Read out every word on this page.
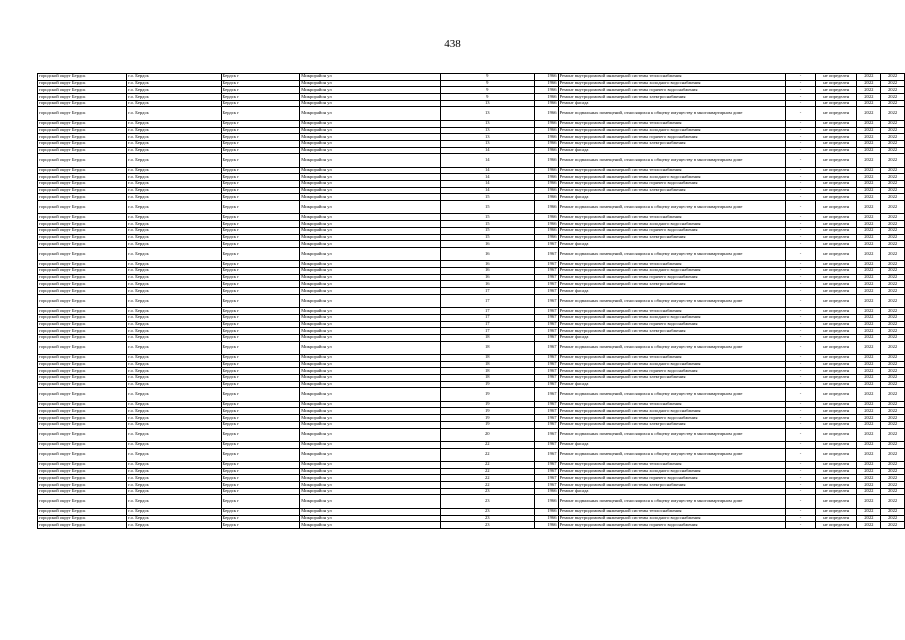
438
городской округ Бердск	г.о. Бердск	Бердск г	Микрорайон ул	9	1966	Ремонт внутридомовой инженерной системы теплоснабжения	-	не определен	2022	2022
городской округ Бердск	г.о. Бердск	Бердск г	Микрорайон ул	9	1966	Ремонт внутридомовой инженерной системы холодного водоснабжения	-	не определен	2022	2022
городской округ Бердск	г.о. Бердск	Бердск г	Микрорайон ул	9	1966	Ремонт внутридомовой инженерной системы горячего водоснабжения	-	не определен	2022	2022
городской округ Бердск	г.о. Бердск	Бердск г	Микрорайон ул	9	1966	Ремонт внутридомовой инженерной системы электроснабжения	-	не определен	2022	2022
городской округ Бердск	г.о. Бердск	Бердск г	Микрорайон ул	13	1966	Ремонт фасада	-	не определен	2022	2022
городской округ Бердск	г.о. Бердск	Бердск г	Микрорайон ул	13	1966	Ремонт подвальных помещений, относящихся к общему имуществу в многоквартирном доме	-	не определен	2022	2022
городской округ Бердск	г.о. Бердск	Бердск г	Микрорайон ул	13	1966	Ремонт внутридомовой инженерной системы теплоснабжения	-	не определен	2022	2022
городской округ Бердск	г.о. Бердск	Бердск г	Микрорайон ул	13	1966	Ремонт внутридомовой инженерной системы холодного водоснабжения	-	не определен	2022	2022
городской округ Бердск	г.о. Бердск	Бердск г	Микрорайон ул	13	1966	Ремонт внутридомовой инженерной системы горячего водоснабжения	-	не определен	2022	2022
городской округ Бердск	г.о. Бердск	Бердск г	Микрорайон ул	13	1966	Ремонт внутридомовой инженерной системы электроснабжения	-	не определен	2022	2022
городской округ Бердск	г.о. Бердск	Бердск г	Микрорайон ул	14	1966	Ремонт фасада	-	не определен	2022	2022
городской округ Бердск	г.о. Бердск	Бердск г	Микрорайон ул	14	1966	Ремонт подвальных помещений, относящихся к общему имуществу в многоквартирном доме	-	не определен	2022	2022
городской округ Бердск	г.о. Бердск	Бердск г	Микрорайон ул	14	1966	Ремонт внутридомовой инженерной системы теплоснабжения	-	не определен	2022	2022
городской округ Бердск	г.о. Бердск	Бердск г	Микрорайон ул	14	1966	Ремонт внутридомовой инженерной системы холодного водоснабжения	-	не определен	2022	2022
городской округ Бердск	г.о. Бердск	Бердск г	Микрорайон ул	14	1966	Ремонт внутридомовой инженерной системы горячего водоснабжения	-	не определен	2022	2022
городской округ Бердск	г.о. Бердск	Бердск г	Микрорайон ул	14	1966	Ремонт внутридомовой инженерной системы электроснабжения	-	не определен	2022	2022
городской округ Бердск	г.о. Бердск	Бердск г	Микрорайон ул	15	1966	Ремонт фасада	-	не определен	2022	2022
городской округ Бердск	г.о. Бердск	Бердск г	Микрорайон ул	15	1966	Ремонт подвальных помещений, относящихся к общему имуществу в многоквартирном доме	-	не определен	2022	2022
городской округ Бердск	г.о. Бердск	Бердск г	Микрорайон ул	15	1966	Ремонт внутридомовой инженерной системы теплоснабжения	-	не определен	2022	2022
городской округ Бердск	г.о. Бердск	Бердск г	Микрорайон ул	15	1966	Ремонт внутридомовой инженерной системы холодного водоснабжения	-	не определен	2022	2022
городской округ Бердск	г.о. Бердск	Бердск г	Микрорайон ул	15	1966	Ремонт внутридомовой инженерной системы горячего водоснабжения	-	не определен	2022	2022
городской округ Бердск	г.о. Бердск	Бердск г	Микрорайон ул	15	1966	Ремонт внутридомовой инженерной системы электроснабжения	-	не определен	2022	2022
городской округ Бердск	г.о. Бердск	Бердск г	Микрорайон ул	16	1967	Ремонт фасада	-	не определен	2022	2022
городской округ Бердск	г.о. Бердск	Бердск г	Микрорайон ул	16	1967	Ремонт подвальных помещений, относящихся к общему имуществу в многоквартирном доме	-	не определен	2022	2022
городской округ Бердск	г.о. Бердск	Бердск г	Микрорайон ул	16	1967	Ремонт внутридомовой инженерной системы теплоснабжения	-	не определен	2022	2022
городской округ Бердск	г.о. Бердск	Бердск г	Микрорайон ул	16	1967	Ремонт внутридомовой инженерной системы холодного водоснабжения	-	не определен	2022	2022
городской округ Бердск	г.о. Бердск	Бердск г	Микрорайон ул	16	1967	Ремонт внутридомовой инженерной системы горячего водоснабжения	-	не определен	2022	2022
городской округ Бердск	г.о. Бердск	Бердск г	Микрорайон ул	16	1967	Ремонт внутридомовой инженерной системы электроснабжения	-	не определен	2022	2022
городской округ Бердск	г.о. Бердск	Бердск г	Микрорайон ул	17	1967	Ремонт фасада	-	не определен	2022	2022
городской округ Бердск	г.о. Бердск	Бердск г	Микрорайон ул	17	1967	Ремонт подвальных помещений, относящихся к общему имуществу в многоквартирном доме	-	не определен	2022	2022
городской округ Бердск	г.о. Бердск	Бердск г	Микрорайон ул	17	1967	Ремонт внутридомовой инженерной системы теплоснабжения	-	не определен	2022	2022
городской округ Бердск	г.о. Бердск	Бердск г	Микрорайон ул	17	1967	Ремонт внутридомовой инженерной системы холодного водоснабжения	-	не определен	2022	2022
городской округ Бердск	г.о. Бердск	Бердск г	Микрорайон ул	17	1967	Ремонт внутридомовой инженерной системы горячего водоснабжения	-	не определен	2022	2022
городской округ Бердск	г.о. Бердск	Бердск г	Микрорайон ул	17	1967	Ремонт внутридомовой инженерной системы электроснабжения	-	не определен	2022	2022
городской округ Бердск	г.о. Бердск	Бердск г	Микрорайон ул	18	1967	Ремонт фасада	-	не определен	2022	2022
городской округ Бердск	г.о. Бердск	Бердск г	Микрорайон ул	18	1967	Ремонт подвальных помещений, относящихся к общему имуществу в многоквартирном доме	-	не определен	2022	2022
городской округ Бердск	г.о. Бердск	Бердск г	Микрорайон ул	18	1967	Ремонт внутридомовой инженерной системы теплоснабжения	-	не определен	2022	2022
городской округ Бердск	г.о. Бердск	Бердск г	Микрорайон ул	18	1967	Ремонт внутридомовой инженерной системы холодного водоснабжения	-	не определен	2022	2022
городской округ Бердск	г.о. Бердск	Бердск г	Микрорайон ул	18	1967	Ремонт внутридомовой инженерной системы горячего водоснабжения	-	не определен	2022	2022
городской округ Бердск	г.о. Бердск	Бердск г	Микрорайон ул	18	1967	Ремонт внутридомовой инженерной системы электроснабжения	-	не определен	2022	2022
городской округ Бердск	г.о. Бердск	Бердск г	Микрорайон ул	19	1967	Ремонт фасада	-	не определен	2022	2022
городской округ Бердск	г.о. Бердск	Бердск г	Микрорайон ул	19	1967	Ремонт подвальных помещений, относящихся к общему имуществу в многоквартирном доме	-	не определен	2022	2022
городской округ Бердск	г.о. Бердск	Бердск г	Микрорайон ул	19	1967	Ремонт внутридомовой инженерной системы теплоснабжения	-	не определен	2022	2022
городской округ Бердск	г.о. Бердск	Бердск г	Микрорайон ул	19	1967	Ремонт внутридомовой инженерной системы холодного водоснабжения	-	не определен	2022	2022
городской округ Бердск	г.о. Бердск	Бердск г	Микрорайон ул	19	1967	Ремонт внутридомовой инженерной системы горячего водоснабжения	-	не определен	2022	2022
городской округ Бердск	г.о. Бердск	Бердск г	Микрорайон ул	19	1967	Ремонт внутридомовой инженерной системы электроснабжения	-	не определен	2022	2022
городской округ Бердск	г.о. Бердск	Бердск г	Микрорайон ул	20	1967	Ремонт подвальных помещений, относящихся к общему имуществу в многоквартирном доме	-	не определен	2022	2022
городской округ Бердск	г.о. Бердск	Бердск г	Микрорайон ул	22	1967	Ремонт фасада	-	не определен	2022	2022
городской округ Бердск	г.о. Бердск	Бердск г	Микрорайон ул	22	1967	Ремонт подвальных помещений, относящихся к общему имуществу в многоквартирном доме	-	не определен	2022	2022
городской округ Бердск	г.о. Бердск	Бердск г	Микрорайон ул	22	1967	Ремонт внутридомовой инженерной системы теплоснабжения	-	не определен	2022	2022
городской округ Бердск	г.о. Бердск	Бердск г	Микрорайон ул	22	1967	Ремонт внутридомовой инженерной системы холодного водоснабжения	-	не определен	2022	2022
городской округ Бердск	г.о. Бердск	Бердск г	Микрорайон ул	22	1967	Ремонт внутридомовой инженерной системы горячего водоснабжения	-	не определен	2022	2022
городской округ Бердск	г.о. Бердск	Бердск г	Микрорайон ул	22	1967	Ремонт внутридомовой инженерной системы электроснабжения	-	не определен	2022	2022
городской округ Бердск	г.о. Бердск	Бердск г	Микрорайон ул	23	1966	Ремонт фасада	-	не определен	2022	2022
городской округ Бердск	г.о. Бердск	Бердск г	Микрорайон ул	23	1966	Ремонт подвальных помещений, относящихся к общему имуществу в многоквартирном доме	-	не определен	2022	2022
городской округ Бердск	г.о. Бердск	Бердск г	Микрорайон ул	23	1966	Ремонт внутридомовой инженерной системы теплоснабжения	-	не определен	2022	2022
городской округ Бердск	г.о. Бердск	Бердск г	Микрорайон ул	23	1966	Ремонт внутридомовой инженерной системы холодного водоснабжения	-	не определен	2022	2022
городской округ Бердск	г.о. Бердск	Бердск г	Микрорайон ул	23	1966	Ремонт внутридомовой инженерной системы горячего водоснабжения	-	не определен	2022	2022
